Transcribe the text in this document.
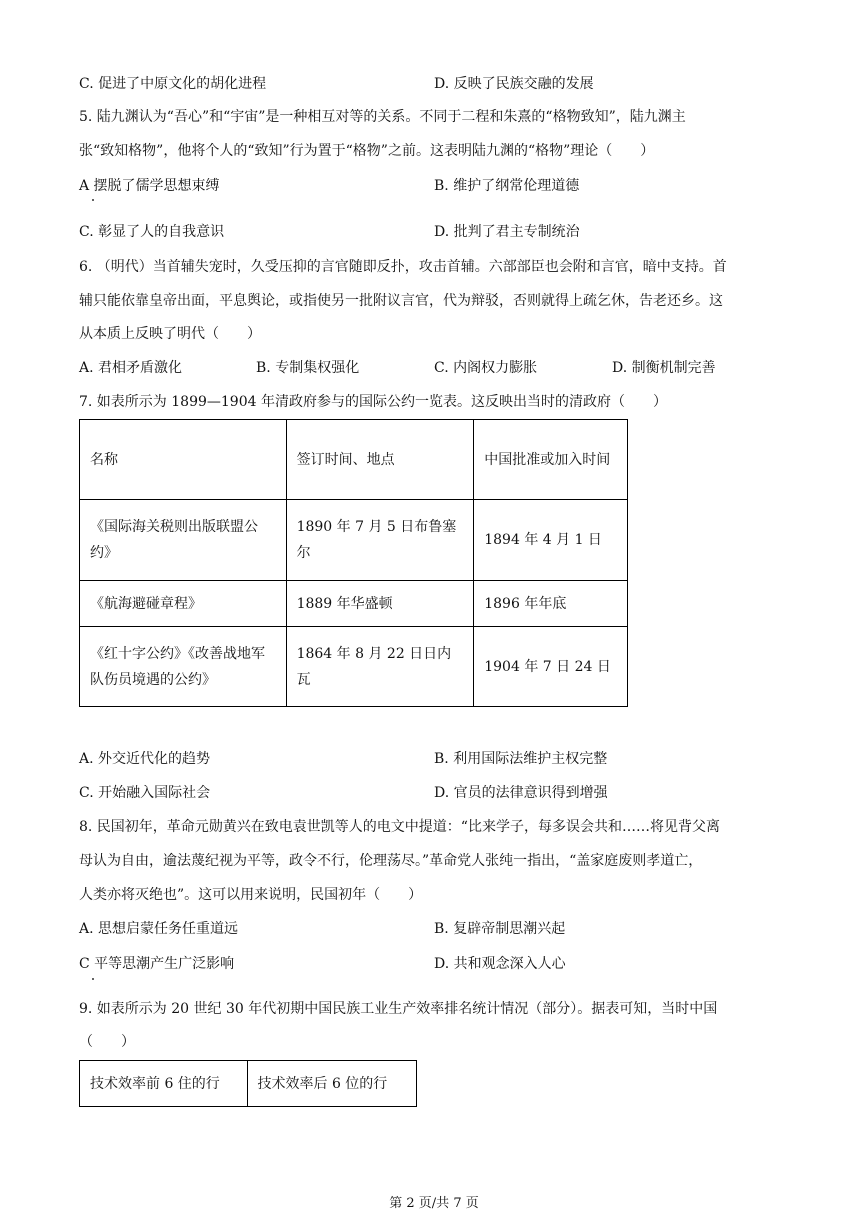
C. 促进了中原文化的胡化进程	D. 反映了民族交融的发展
5. 陆九渊认为“吾心”和“宇宙”是一种相互对等的关系。不同于二程和朱熹的“格物致知”，陆九渊主
张“致知格物”，他将个人的“致知”行为置于“格物”之前。这表明陆九渊的“格物”理论（　　）
A 摆脱了儒学思想束缚	B. 维护了纲常伦理道德
C. 彰显了人的自我意识	D. 批判了君主专制统治
6. （明代）当首辅失宠时，久受压抑的言官随即反扑，攻击首辅。六部部臣也会附和言官，暗中支持。首
辅只能依靠皇帝出面，平息舆论，或指使另一批附议言官，代为辩驳，否则就得上疏乞休，告老还乡。这
从本质上反映了明代（　　）
A. 君相矛盾激化	B. 专制集权强化	C. 内阁权力膨胀	D. 制衡机制完善
7. 如表所示为 1899—1904 年清政府参与的国际公约一览表。这反映出当时的清政府（　　）
名称	签订时间、地点	中国批准或加入时间
《国际海关税则出版联盟公约》	1890 年 7 月 5 日布鲁塞尔	1894 年 4 月 1 日
《航海避碰章程》	1889 年华盛顿	1896 年年底
《红十字公约》《改善战地军队伤员境遇的公约》	1864 年 8 月 22 日日内瓦	1904 年 7 日 24 日
A. 外交近代化的趋势	B. 利用国际法维护主权完整
C. 开始融入国际社会	D. 官员的法律意识得到增强
8. 民国初年，革命元勋黄兴在致电袁世凯等人的电文中提道：“比来学子，每多误会共和……将见背父离
母认为自由，逾法蔑纪视为平等，政令不行，伦理荡尽。”革命党人张纯一指出，“盖家庭废则孝道亡，
人类亦将灭绝也”。这可以用来说明，民国初年（　　）
A. 思想启蒙任务任重道远	B. 复辟帝制思潮兴起
C 平等思潮产生广泛影响	D. 共和观念深入人心
9. 如表所示为 20 世纪 30 年代初期中国民族工业生产效率排名统计情况（部分）。据表可知，当时中国
（　　）
技术效率前 6 住的行	技术效率后 6 位的行
第 2 页/共 7 页
